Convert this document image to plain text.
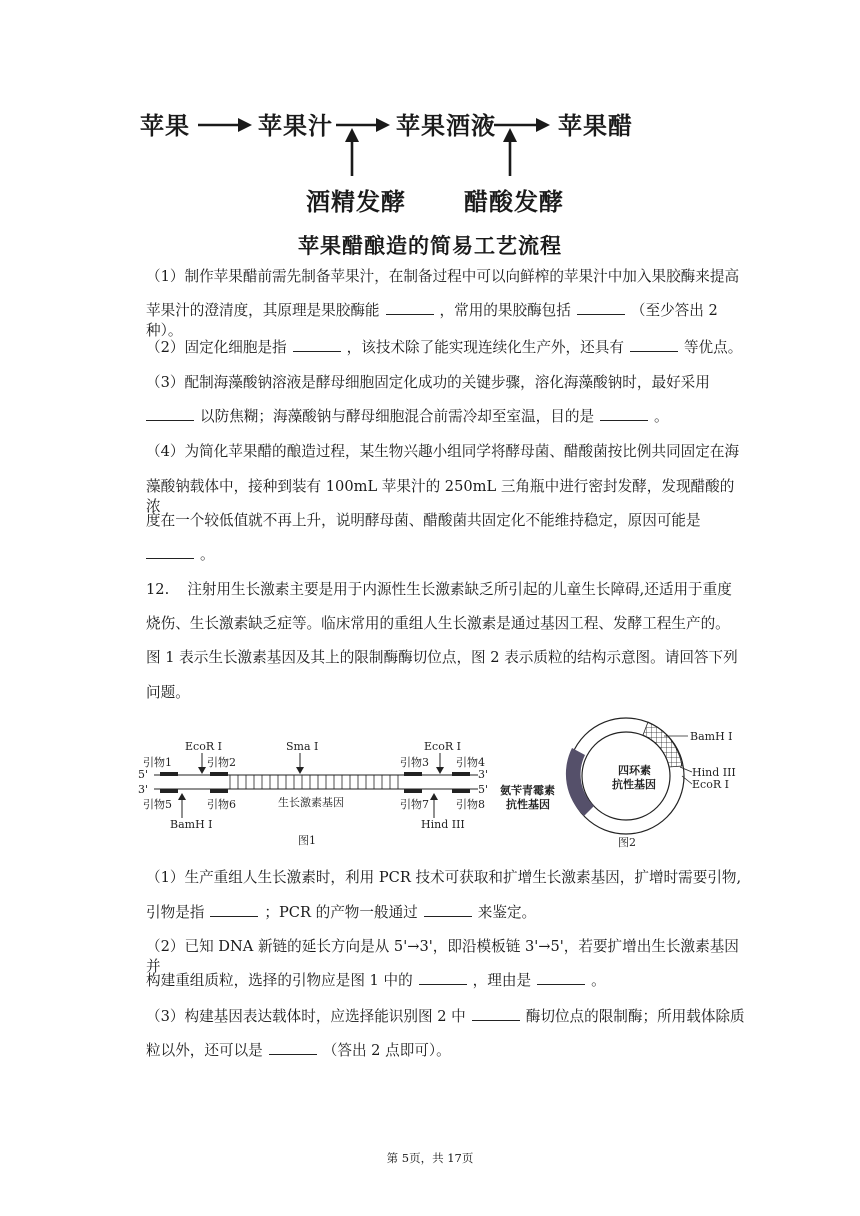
苹果	苹果汁	苹果酒液	苹果醋
酒精发酵 醋酸发酵
苹果醋酿造的简易工艺流程
（1）制作苹果醋前需先制备苹果汁，在制备过程中可以向鲜榨的苹果汁中加入果胶酶来提高
苹果汁的澄清度，其原理是果胶酶能	，常用的果胶酶包括	（至少答出 2 种）。
（2）固定化细胞是指	，该技术除了能实现连续化生产外，还具有	等优点。
（3）配制海藻酸钠溶液是酵母细胞固定化成功的关键步骤，溶化海藻酸钠时，最好采用
以防焦糊；海藻酸钠与酵母细胞混合前需冷却至室温，目的是	。
（4）为简化苹果醋的酿造过程，某生物兴趣小组同学将酵母菌、醋酸菌按比例共同固定在海
藻酸钠载体中，接种到装有 100mL 苹果汁的 250mL 三角瓶中进行密封发酵，发现醋酸的浓
度在一个较低值就不再上升，说明酵母菌、醋酸菌共固定化不能维持稳定，原因可能是
。
12. 注射用生长激素主要是用于内源性生长激素缺乏所引起的儿童生长障碍,还适用于重度
烧伤、生长激素缺乏症等。临床常用的重组人生长激素是通过基因工程、发酵工程生产的。
图 1 表示生长激素基因及其上的限制酶酶切位点，图 2 表示质粒的结构示意图。请回答下列
问题。
EcoR I	Sma I	EcoR I
引物1	引物2	引物3 引物4
5'
3'
3'
5'
引物5	引物6	引物7 引物8
生长激素基因
BamH I	Hind III
图1
BamH I
Hind III
EcoR I
四环素
抗性基因
氨苄青霉素
抗性基因
图2
（1）生产重组人生长激素时，利用 PCR 技术可获取和扩增生长激素基因，扩增时需要引物,
引物是指	；PCR 的产物一般通过	来鉴定。
（2）已知 DNA 新链的延长方向是从 5'→3'，即沿模板链 3'→5'，若要扩增出生长激素基因并
构建重组质粒，选择的引物应是图 1 中的	，理由是	。
（3）构建基因表达载体时，应选择能识别图 2 中	酶切位点的限制酶；所用载体除质
粒以外，还可以是	（答出 2 点即可）。
第 5页，共 17页
